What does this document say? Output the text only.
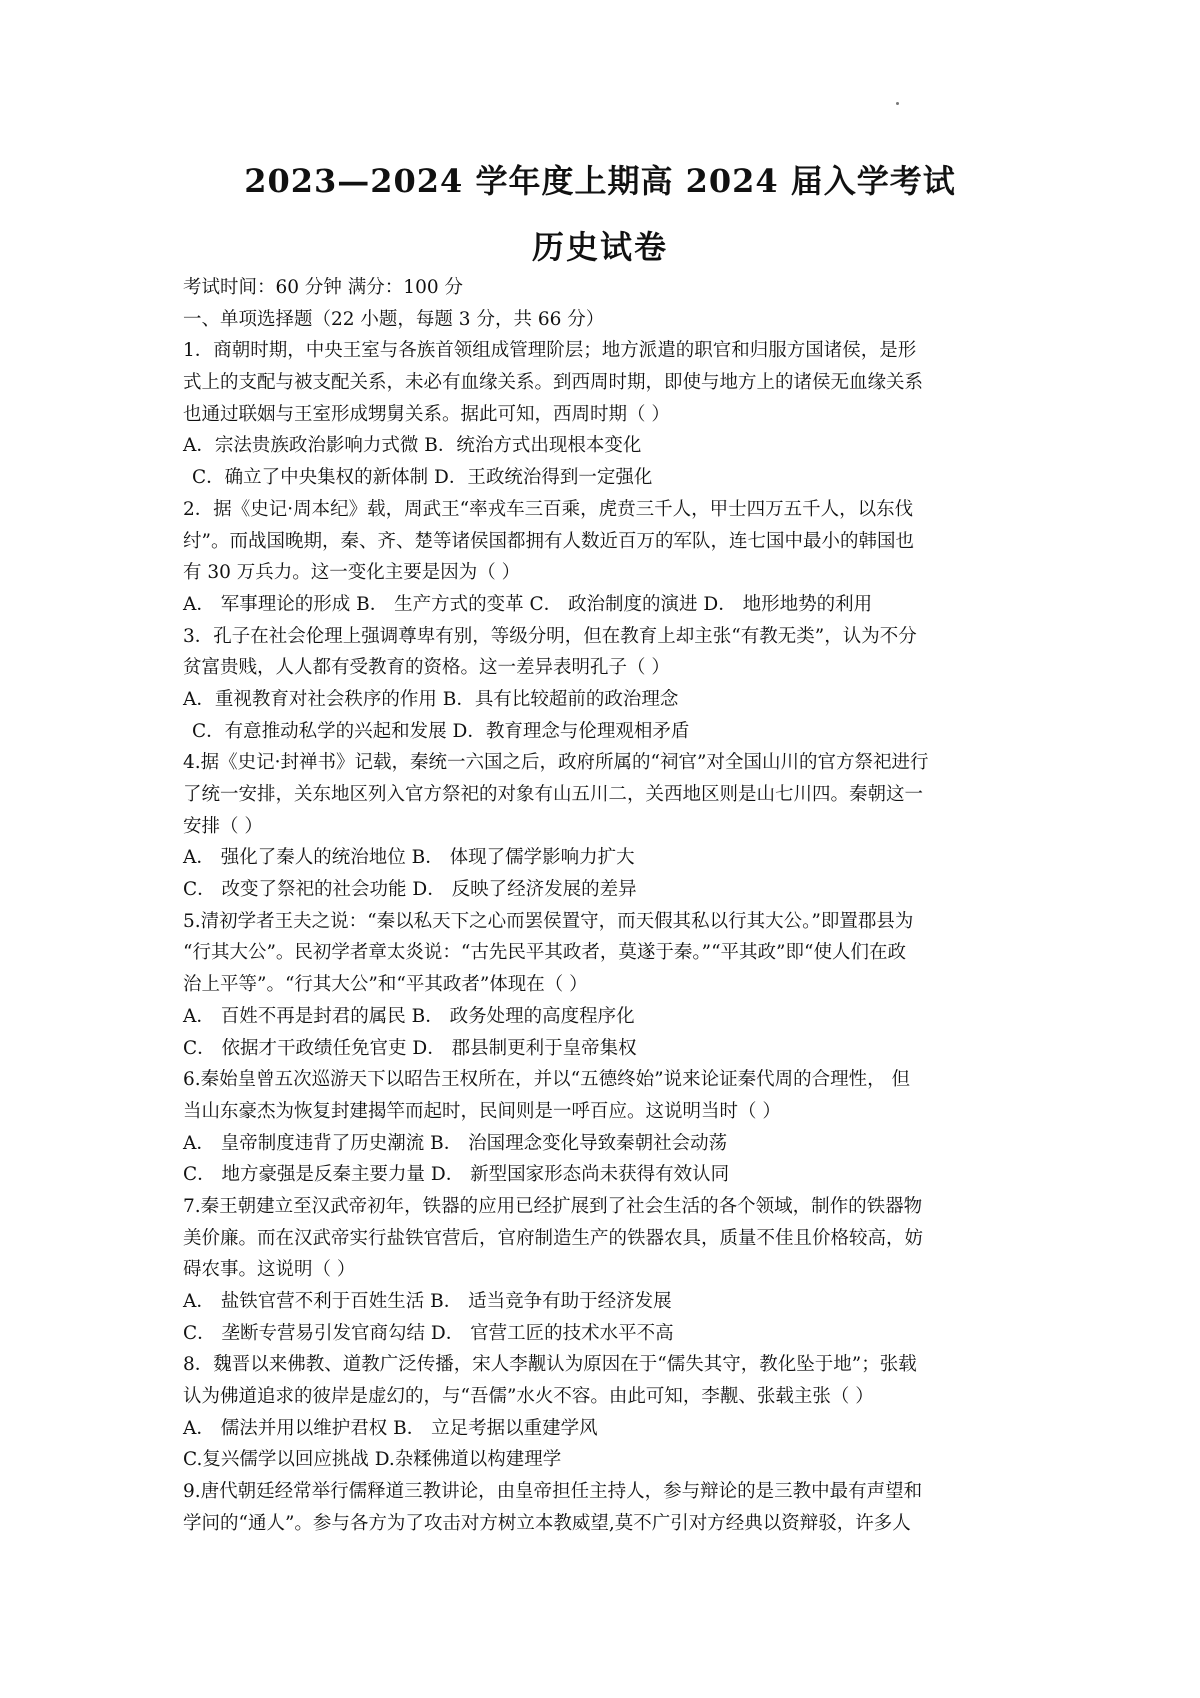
2023—2024 学年度上期高 2024 届入学考试
历史试卷
考试时间：60 分钟 满分：100 分
一、单项选择题（22 小题，每题 3 分，共 66 分）
1．商朝时期，中央王室与各族首领组成管理阶层；地方派遣的职官和归服方国诸侯，是形
式上的支配与被支配关系，未必有血缘关系。到西周时期，即使与地方上的诸侯无血缘关系
也通过联姻与王室形成甥舅关系。据此可知，西周时期（ ）
A．宗法贵族政治影响力式微 B．统治方式出现根本变化
C．确立了中央集权的新体制 D．王政统治得到一定强化
2．据《史记·周本纪》载，周武王“率戎车三百乘，虎贲三千人，甲士四万五千人，以东伐
纣”。而战国晚期，秦、齐、楚等诸侯国都拥有人数近百万的军队，连七国中最小的韩国也
有 30 万兵力。这一变化主要是因为（ ）
A． 军事理论的形成 B． 生产方式的变革 C． 政治制度的演进 D． 地形地势的利用
3．孔子在社会伦理上强调尊卑有别，等级分明，但在教育上却主张“有教无类”，认为不分
贫富贵贱，人人都有受教育的资格。这一差异表明孔子（ ）
A．重视教育对社会秩序的作用 B．具有比较超前的政治理念
C．有意推动私学的兴起和发展 D．教育理念与伦理观相矛盾
4.据《史记·封禅书》记载，秦统一六国之后，政府所属的“祠官”对全国山川的官方祭祀进行
了统一安排，关东地区列入官方祭祀的对象有山五川二，关西地区则是山七川四。秦朝这一
安排（ ）
A． 强化了秦人的统治地位 B． 体现了儒学影响力扩大
C． 改变了祭祀的社会功能 D． 反映了经济发展的差异
5.清初学者王夫之说：“秦以私天下之心而罢侯置守，而天假其私以行其大公。”即置郡县为
“行其大公”。民初学者章太炎说：“古先民平其政者，莫遂于秦。”“平其政”即“使人们在政
治上平等”。“行其大公”和“平其政者”体现在（ ）
A． 百姓不再是封君的属民 B． 政务处理的高度程序化
C． 依据才干政绩任免官吏 D． 郡县制更利于皇帝集权
6.秦始皇曾五次巡游天下以昭告王权所在，并以“五德终始”说来论证秦代周的合理性， 但
当山东豪杰为恢复封建揭竿而起时，民间则是一呼百应。这说明当时（ ）
A． 皇帝制度违背了历史潮流 B． 治国理念变化导致秦朝社会动荡
C． 地方豪强是反秦主要力量 D． 新型国家形态尚未获得有效认同
7.秦王朝建立至汉武帝初年，铁器的应用已经扩展到了社会生活的各个领域，制作的铁器物
美价廉。而在汉武帝实行盐铁官营后，官府制造生产的铁器农具，质量不佳且价格较高，妨
碍农事。这说明（ ）
A． 盐铁官营不利于百姓生活 B． 适当竞争有助于经济发展
C． 垄断专营易引发官商勾结 D． 官营工匠的技术水平不高
8．魏晋以来佛教、道教广泛传播，宋人李觏认为原因在于“儒失其守，教化坠于地”；张载
认为佛道追求的彼岸是虚幻的，与“吾儒”水火不容。由此可知，李觏、张载主张（ ）
A． 儒法并用以维护君权 B． 立足考据以重建学风
C.复兴儒学以回应挑战 D.杂糅佛道以构建理学
9.唐代朝廷经常举行儒释道三教讲论，由皇帝担任主持人，参与辩论的是三教中最有声望和
学问的“通人”。参与各方为了攻击对方树立本教威望,莫不广引对方经典以资辩驳，许多人
